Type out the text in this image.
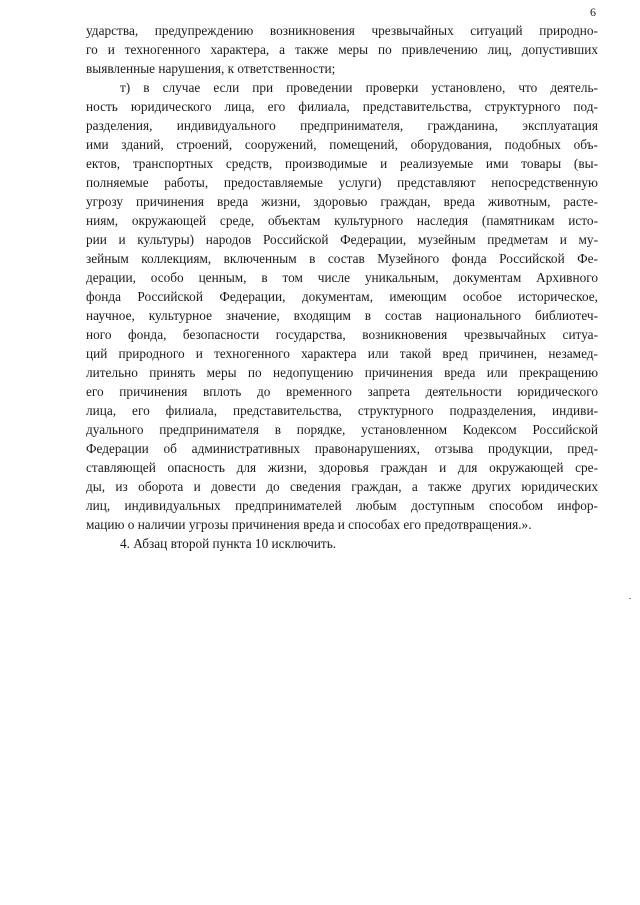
6
ударства, предупреждению возникновения чрезвычайных ситуаций природно-
го и техногенного характера, а также меры по привлечению лиц, допустивших
выявленные нарушения, к ответственности;
т) в случае если при проведении проверки установлено, что деятель-
ность юридического лица, его филиала, представительства, структурного под-
разделения, индивидуального предпринимателя, гражданина, эксплуатация
ими зданий, строений, сооружений, помещений, оборудования, подобных объ-
ектов, транспортных средств, производимые и реализуемые ими товары (вы-
полняемые работы, предоставляемые услуги) представляют непосредственную
угрозу причинения вреда жизни, здоровью граждан, вреда животным, расте-
ниям, окружающей среде, объектам культурного наследия (памятникам исто-
рии и культуры) народов Российской Федерации, музейным предметам и му-
зейным коллекциям, включенным в состав Музейного фонда Российской Фе-
дерации, особо ценным, в том числе уникальным, документам Архивного
фонда Российской Федерации, документам, имеющим особое историческое,
научное, культурное значение, входящим в состав национального библиотеч-
ного фонда, безопасности государства, возникновения чрезвычайных ситуа-
ций природного и техногенного характера или такой вред причинен, незамед-
лительно принять меры по недопущению причинения вреда или прекращению
его причинения вплоть до временного запрета деятельности юридического
лица, его филиала, представительства, структурного подразделения, индиви-
дуального предпринимателя в порядке, установленном Кодексом Российской
Федерации об административных правонарушениях, отзыва продукции, пред-
ставляющей опасность для жизни, здоровья граждан и для окружающей сре-
ды, из оборота и довести до сведения граждан, а также других юридических
лиц, индивидуальных предпринимателей любым доступным способом инфор-
мацию о наличии угрозы причинения вреда и способах его предотвращения.».
4. Абзац второй пункта 10 исключить.
